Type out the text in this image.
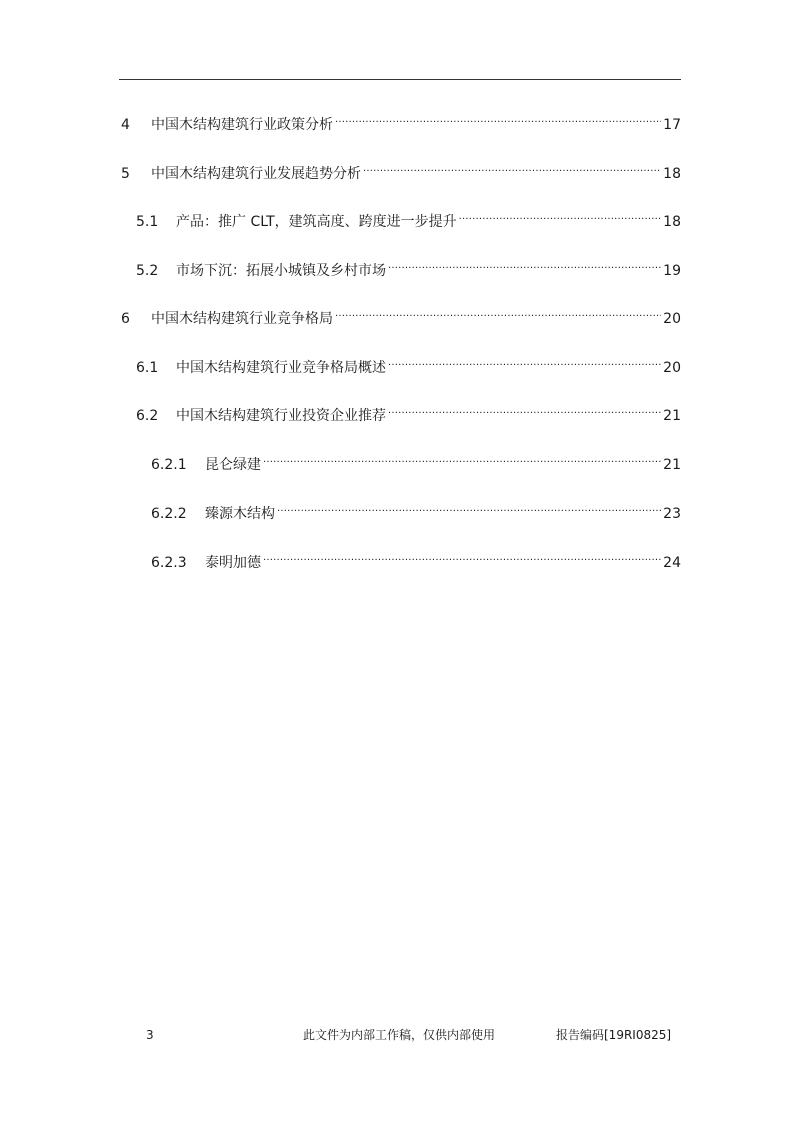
4	中国木结构建筑行业政策分析 .....	17
5	中国木结构建筑行业发展趋势分析 .....	18
5.1	产品：推广 CLT，建筑高度、跨度进一步提升 .....	18
5.2	市场下沉：拓展小城镇及乡村市场 .....	19
6	中国木结构建筑行业竞争格局 .....	20
6.1	中国木结构建筑行业竞争格局概述 .....	20
6.2	中国木结构建筑行业投资企业推荐 .....	21
6.2.1	昆仑绿建 .....	21
6.2.2	臻源木结构 .....	23
6.2.3	泰明加德 .....	24
3	此文件为内部工作稿，仅供内部使用	报告编码[19RI0825]
